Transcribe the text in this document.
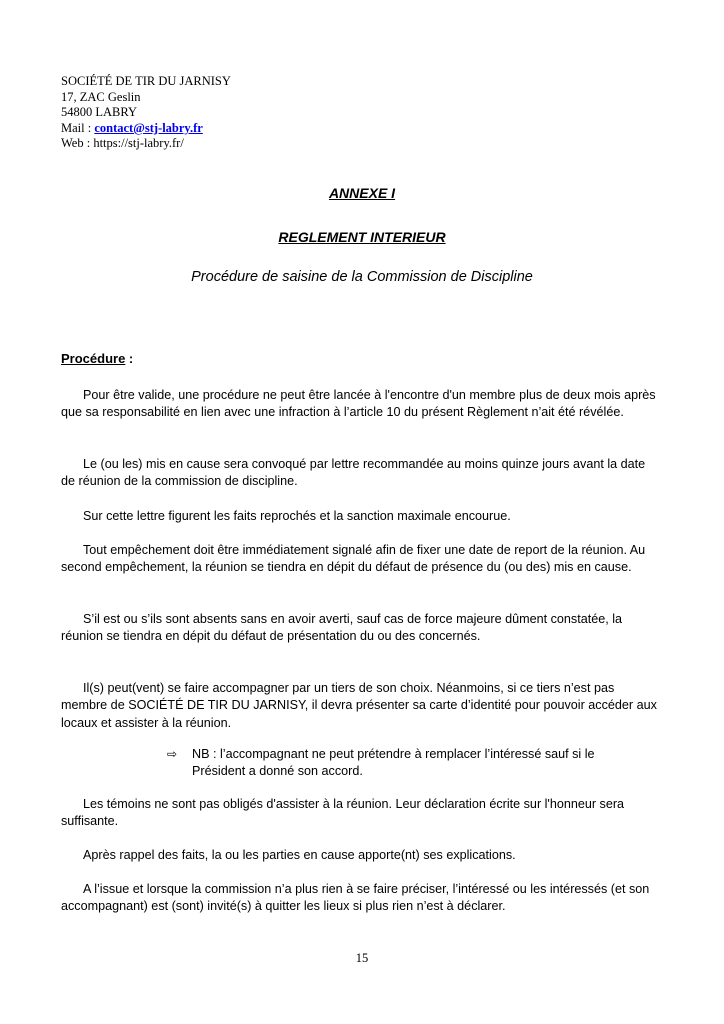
SOCIÉTÉ DE TIR DU JARNISY
17, ZAC Geslin
54800 LABRY
Mail : contact@stj-labry.fr
Web : https://stj-labry.fr/
ANNEXE I
REGLEMENT INTERIEUR
Procédure de saisine de la Commission de Discipline
Procédure :

Pour être valide, une procédure ne peut être lancée à l'encontre d'un membre plus de deux mois après que sa responsabilité en lien avec une infraction à l’article 10 du présent Règlement n’ait été révélée.

Le (ou les) mis en cause sera convoqué par lettre recommandée au moins quinze jours avant la date de réunion de la commission de discipline.

Sur cette lettre figurent les faits reprochés et la sanction maximale encourue.

Tout empêchement doit être immédiatement signalé afin de fixer une date de report de la réunion. Au second empêchement, la réunion se tiendra en dépit du défaut de présence du (ou des) mis en cause.

S’il est ou s’ils sont absents sans en avoir averti, sauf cas de force majeure dûment constatée, la réunion se tiendra en dépit du défaut de présentation du ou des concernés.

Il(s) peut(vent) se faire accompagner par un tiers de son choix. Néanmoins, si ce tiers n’est pas membre de SOCIÉTÉ DE TIR DU JARNISY, il devra présenter sa carte d’identité pour pouvoir accéder aux locaux et assister à la réunion.

⇨	NB : l’accompagnant ne peut prétendre à remplacer l’intéressé sauf si le Président a donné son accord.

Les témoins ne sont pas obligés d'assister à la réunion. Leur déclaration écrite sur l'honneur sera suffisante.

Après rappel des faits, la ou les parties en cause apporte(nt) ses explications.

A l’issue et lorsque la commission n’a plus rien à se faire préciser, l’intéressé ou les intéressés (et son accompagnant) est (sont) invité(s) à quitter les lieux si plus rien n’est à déclarer.

15
